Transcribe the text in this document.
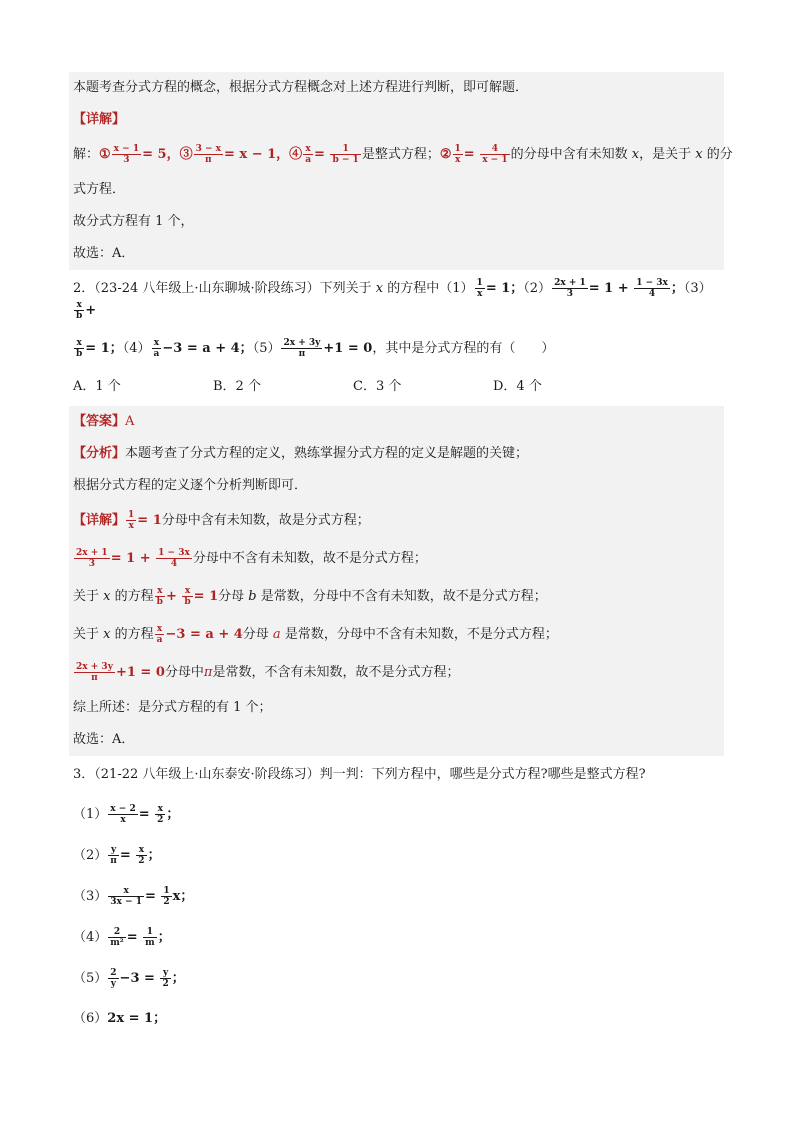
本题考查分式方程的概念，根据分式方程概念对上述方程进行判断，即可解题．
【详解】
解：① $\frac{x - 1}{3} = 5$，③ $\frac{3 - x}{\pi} = x - 1$，④ $\frac{x}{a} = \frac{1}{b - 1}$ 是整式方程；② $\frac{1}{x} = \frac{4}{x - 1}$ 的分母中含有未知数 x，是关于 x 的分
式方程．
故分式方程有 1 个，
故选：A．
2．（23-24 八年级上·山东聊城·阶段练习）下列关于 x 的方程中$(1) \frac{1}{x} = 1$；$(2) \frac{2x + 1}{3} = 1 + \frac{1 - 3x}{4}$ ；（3）
$\frac{x}{b}$ +
$\frac{x}{b} = 1$；$(4) \frac{x}{a} -3 = a + 4$；$(5) \frac{2x + 3y}{\pi} +1 = 0$，其中是分式方程的有（　　）
A．1 个	B．2 个	C．3 个	D．4 个
【答案】A
【分析】本题考查了分式方程的定义，熟练掌握分式方程的定义是解题的关键；
根据分式方程的定义逐个分析判断即可．
【详解】 $\frac{1}{x} = 1$分母中含有未知数，故是分式方程；
$\frac{2x + 1}{3} = 1 + \frac{1 - 3x}{4}$ 分母中不含有未知数，故不是分式方程；
关于 x 的方程 $\frac{x}{b} + \frac{x}{b} = 1$分母 b 是常数，分母中不含有未知数，故不是分式方程；
关于 x 的方程 $\frac{x}{a} -3 = a + 4$分母 a 是常数，分母中不含有未知数，不是分式方程；
$\frac{2x + 3y}{\pi} +1 = 0$分母中π是常数，不含有未知数，故不是分式方程；
综上所述：是分式方程的有 1 个；
故选：A．
3．（21-22 八年级上·山东泰安·阶段练习）判一判：下列方程中，哪些是分式方程?哪些是整式方程?
$(1) \frac{x - 2}{x} = \frac{x}{2}$ ；
$(2) \frac{y}{\pi} = \frac{x}{2}$ ；
$(3) \frac{x}{3x - 1} = \frac{1}{2}$ x；
$(4) \frac{2}{\text{m²}} = \frac{1}{m}$ ；
$(5) \frac{2}{y} -3 = \frac{y}{2}$ ；
（6）2x = 1；
